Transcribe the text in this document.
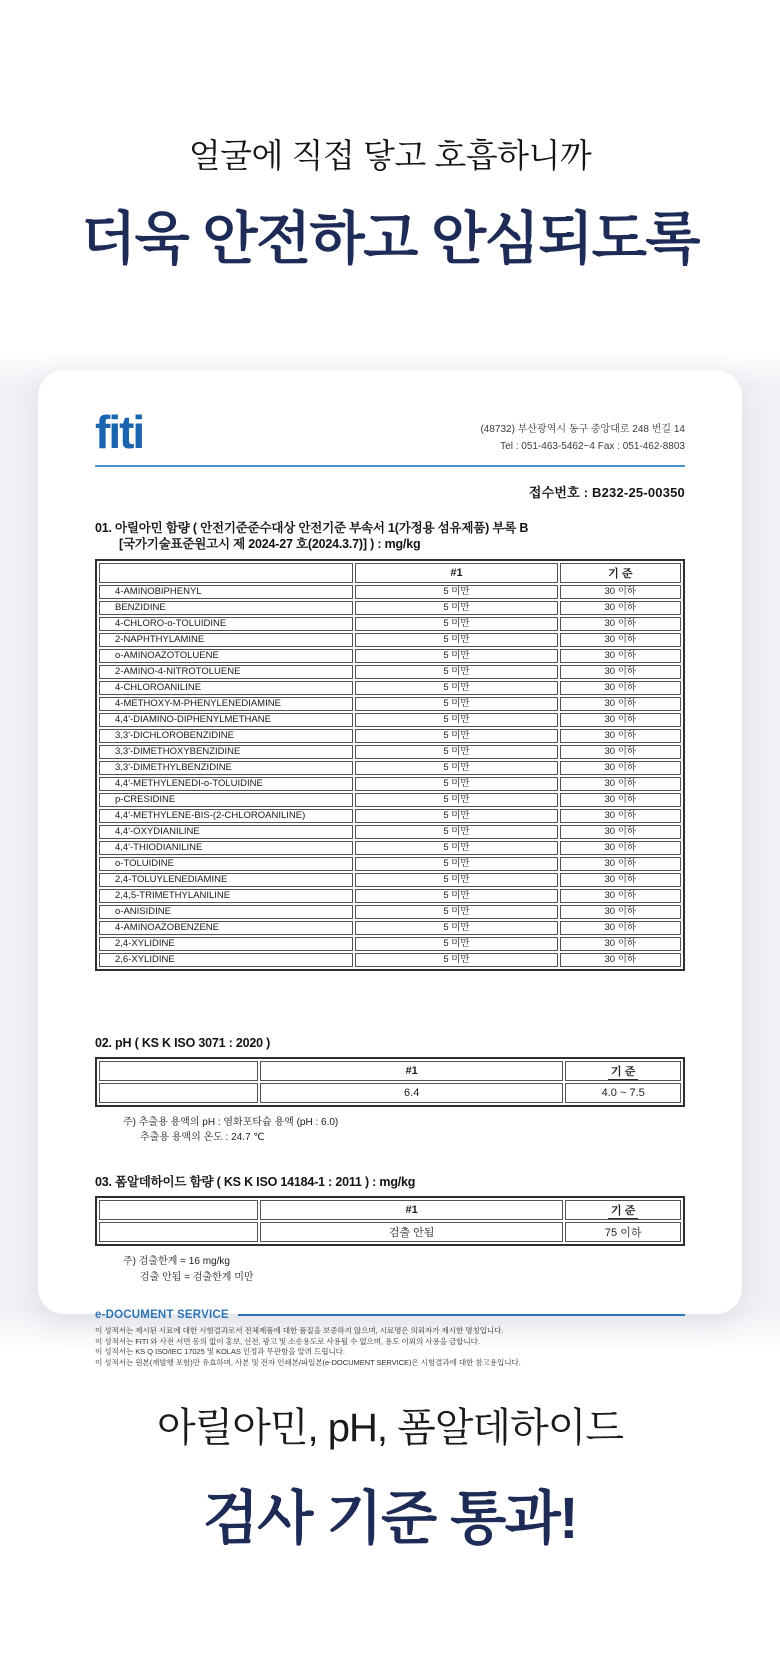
얼굴에 직접 닿고 호흡하니까
더욱 안전하고 안심되도록
fiti	(48732) 부산광역시 동구 중앙대로 248 번길 14
Tel : 051-463-5462~4 Fax : 051-462-8803
접수번호 : B232-25-00350
01. 아릴아민 함량 ( 안전기준준수대상 안전기준 부속서 1(가정용 섬유제품) 부록 B
[국가기술표준원고시 제 2024-27 호(2024.3.7)] ) : mg/kg
	#1	기 준
4-AMINOBIPHENYL	5 미만	30 이하
BENZIDINE	5 미만	30 이하
4-CHLORO-o-TOLUIDINE	5 미만	30 이하
2-NAPHTHYLAMINE	5 미만	30 이하
o-AMINOAZOTOLUENE	5 미만	30 이하
2-AMINO-4-NITROTOLUENE	5 미만	30 이하
4-CHLOROANILINE	5 미만	30 이하
4-METHOXY-M-PHENYLENEDIAMINE	5 미만	30 이하
4,4'-DIAMINO-DIPHENYLMETHANE	5 미만	30 이하
3,3'-DICHLOROBENZIDINE	5 미만	30 이하
3,3'-DIMETHOXYBENZIDINE	5 미만	30 이하
3,3'-DIMETHYLBENZIDINE	5 미만	30 이하
4,4'-METHYLENEDI-o-TOLUIDINE	5 미만	30 이하
p-CRESIDINE	5 미만	30 이하
4,4'-METHYLENE-BIS-(2-CHLOROANILINE)	5 미만	30 이하
4,4'-OXYDIANILINE	5 미만	30 이하
4,4'-THIODIANILINE	5 미만	30 이하
o-TOLUIDINE	5 미만	30 이하
2,4-TOLUYLENEDIAMINE	5 미만	30 이하
2,4,5-TRIMETHYLANILINE	5 미만	30 이하
o-ANISIDINE	5 미만	30 이하
4-AMINOAZOBENZENE	5 미만	30 이하
2,4-XYLIDINE	5 미만	30 이하
2,6-XYLIDINE	5 미만	30 이하
02. pH ( KS K ISO 3071 : 2020 )
	#1	기 준
	6.4	4.0 ~ 7.5
주) 추출용 용액의 pH : 염화포타슘 용액 (pH : 6.0)
추출용 용액의 온도 : 24.7 ℃
03. 폼알데하이드 함량 ( KS K ISO 14184-1 : 2011 ) : mg/kg
	#1	기 준
	검출 안됨	75 이하
주) 검출한계 = 16 mg/kg
검출 안됨 = 검출한계 미만
e-DOCUMENT SERVICE
이 성적서는 제시된 시료에 대한 시험결과로서 전체제품에 대한 품질을 보증하지 않으며, 시료명은 의뢰자가 제시한 명칭입니다.
이 성적서는 FITI 와 사전 서면 동의 없이 홍보, 선전, 광고 및 소송용도로 사용될 수 없으며, 용도 이외의 사용을 금합니다.
이 성적서는 KS Q ISO/IEC 17025 및 KOLAS 인정과 무관함을 알려 드립니다.
이 성적서는 원본(재발행 포함)만 유효하며, 사본 및 전자 인쇄본/파일본(e-DOCUMENT SERVICE)은 시험결과에 대한 참고용입니다.
아릴아민, pH, 폼알데하이드
검사 기준 통과!
